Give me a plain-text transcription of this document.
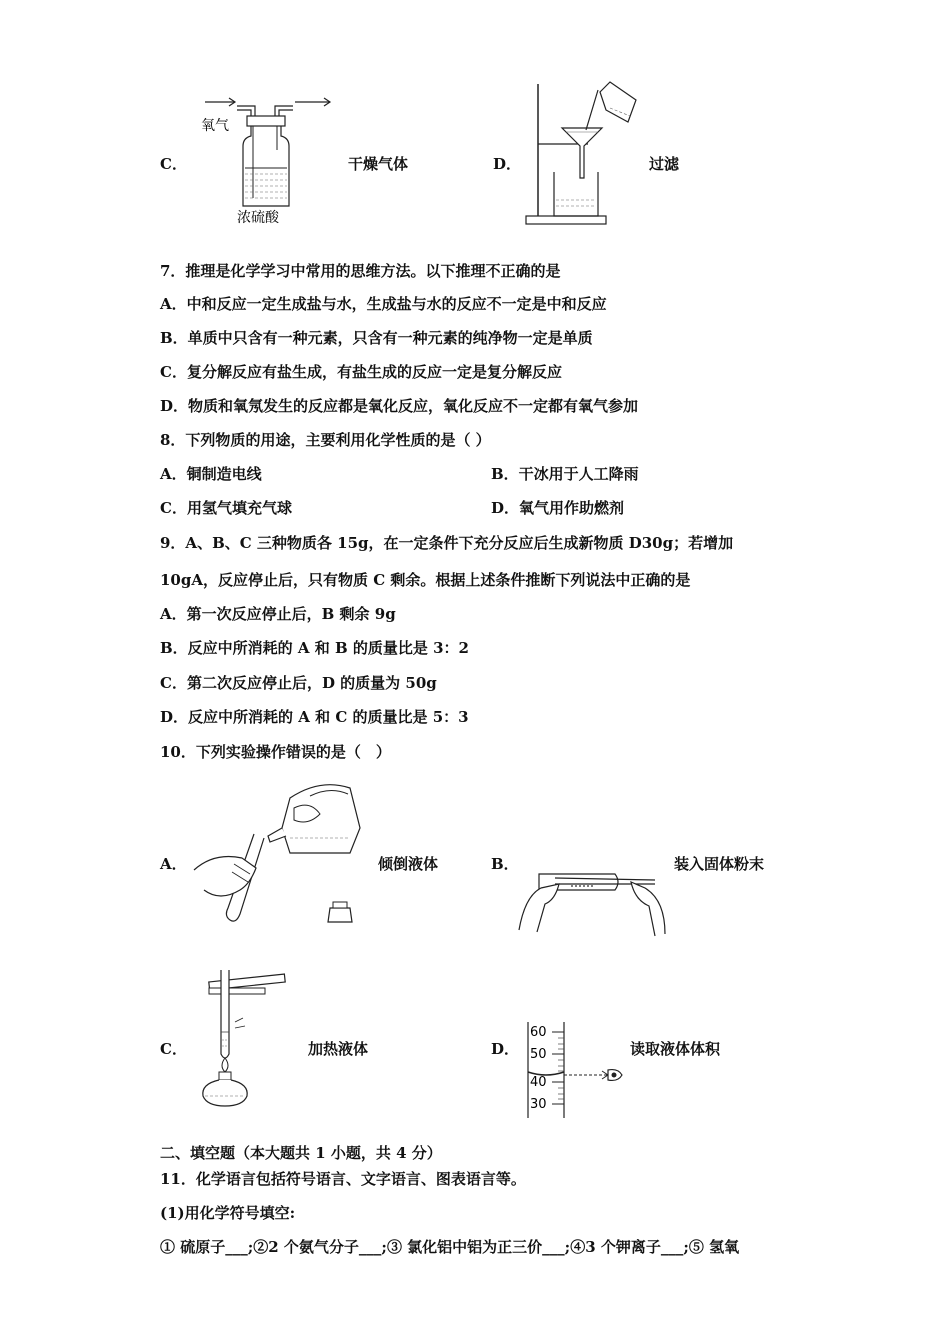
C．
氧气
浓硫酸
干燥气体	D．	过滤
7．推理是化学学习中常用的思维方法。以下推理不正确的是
A．中和反应一定生成盐与水，生成盐与水的反应不一定是中和反应
B．单质中只含有一种元素，只含有一种元素的纯净物一定是单质
C．复分解反应有盐生成，有盐生成的反应一定是复分解反应
D．物质和氧氖发生的反应都是氧化反应，氧化反应不一定都有氧气参加
8．下列物质的用途，主要利用化学性质的是（ ）
A．铜制造电线	B．干冰用于人工降雨
C．用氢气填充气球	D．氧气用作助燃剂
9．A、B、C 三种物质各 15g，在一定条件下充分反应后生成新物质 D30g；若增加
10gA，反应停止后，只有物质 C 剩余。根据上述条件推断下列说法中正确的是
A．第一次反应停止后，B 剩余 9g
B．反应中所消耗的 A 和 B 的质量比是 3：2
C．第二次反应停止后，D 的质量为 50g
D．反应中所消耗的 A 和 C 的质量比是 5：3
10．下列实验操作错误的是（　）
A．	倾倒液体	B．	装入固体粉末
C．	加热液体	D．
60
50
40
30
读取液体体积
二、填空题（本大题共 1 小题，共 4 分）
11．化学语言包括符号语言、文字语言、图表语言等。
(1)用化学符号填空:
① 硫原子___;②2 个氨气分子___;③ 氯化铝中铝为正三价___;④3 个钾离子___;⑤ 氢氧
